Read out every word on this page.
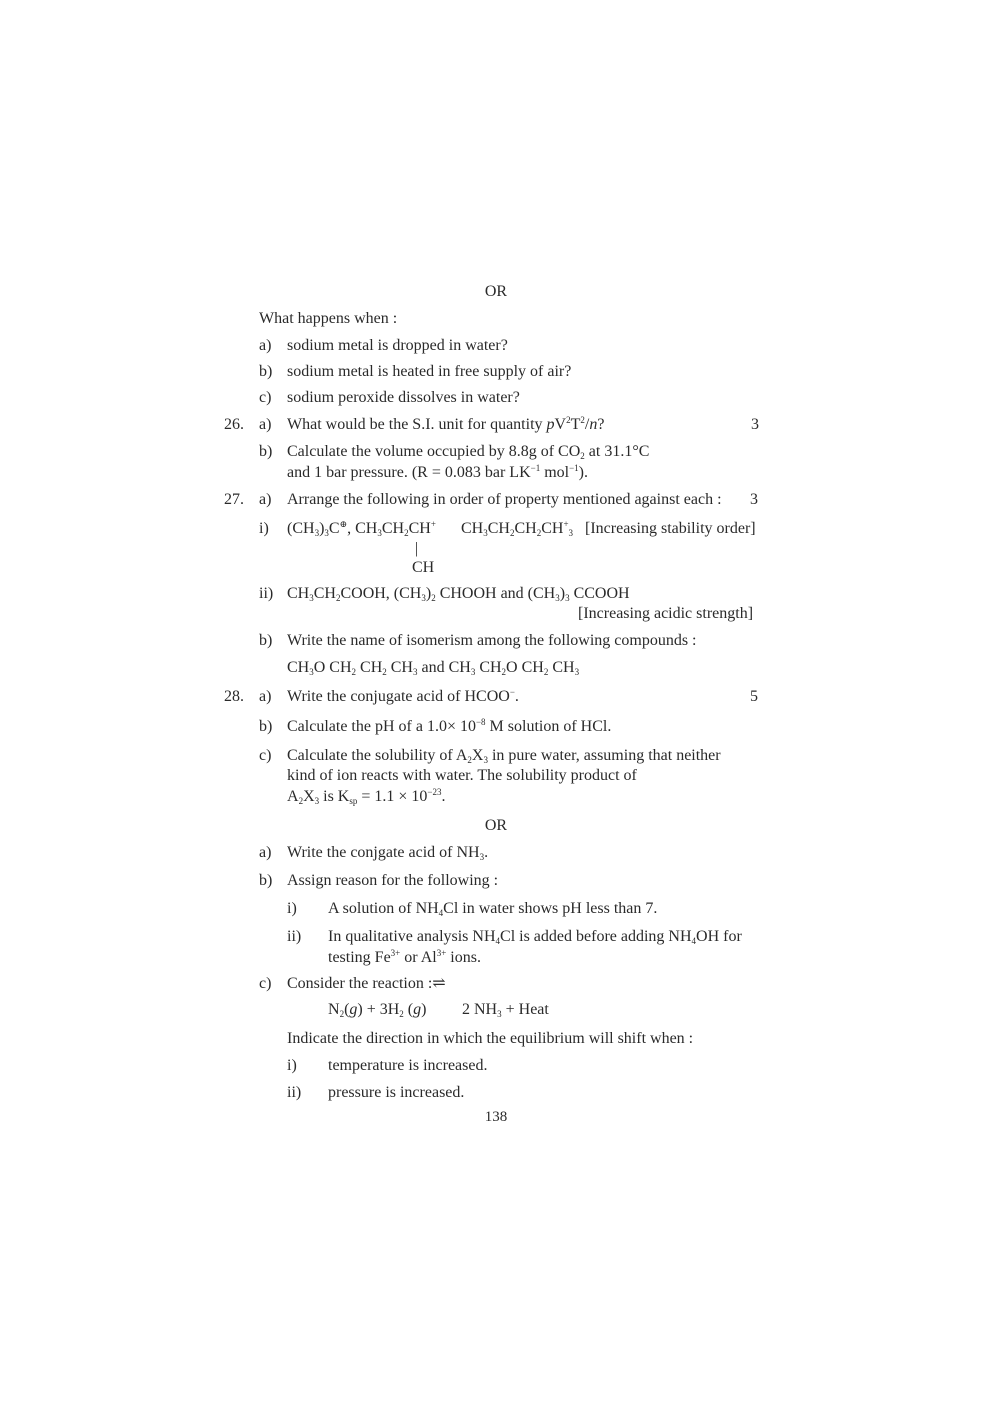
OR
What happens when :
a) sodium metal is dropped in water?
b) sodium metal is heated in free supply of air?
c) sodium peroxide dissolves in water?
26. a) What would be the S.I. unit for quantity $pV^2T^2/n$?	3
b) Calculate the volume occupied by 8.8g of $CO_2$ at 31.1°C
and 1 bar pressure. (R = 0.083 bar $LK^{-1}$ mol$^{-1}$).
27. a) Arrange the following in order of property mentioned against each : 3
i) $(CH_3)_3C^\oplus$, $CH_3CH_2CH^+$ $CH_3CH_2CH_2CH^+_3$ [Increasing stability order]
|
CH
ii) $CH_3CH_2COOH$, $(CH_3)_2$ CHOOH and $(CH_3)_3$ CCOOH
[Increasing acidic strength]
b) Write the name of isomerism among the following compounds :
$CH_3O$ $CH_2$ $CH_2$ $CH_3$ and $CH_3$ $CH_2O$ $CH_2$ $CH_3$
28. a) Write the conjugate acid of HCOO−.	5
b) Calculate the pH of a $1.0\times 10^{-8}$ M solution of HCl.
c) Calculate the solubility of $A_2X_3$ in pure water, assuming that neither
kind of ion reacts with water. The solubility product of
$A_2X_3$ is $K_{sp} = 1.1 \times 10^{-23}$.
OR
a) Write the conjgate acid of $NH_3$.
b) Assign reason for the following :
i) A solution of $NH_4Cl$ in water shows pH less than 7.
ii) In qualitative analysis $NH_4Cl$ is added before adding $NH_4OH$ for
testing $Fe^{3+}$ or $Al^{3+}$ ions.
c) Consider the reaction :⇌
$N_2(g) + 3H_2$ (g) 2 $NH_3$ + Heat
Indicate the direction in which the equilibrium will shift when :
i) temperature is increased.
ii) pressure is increased.
138
